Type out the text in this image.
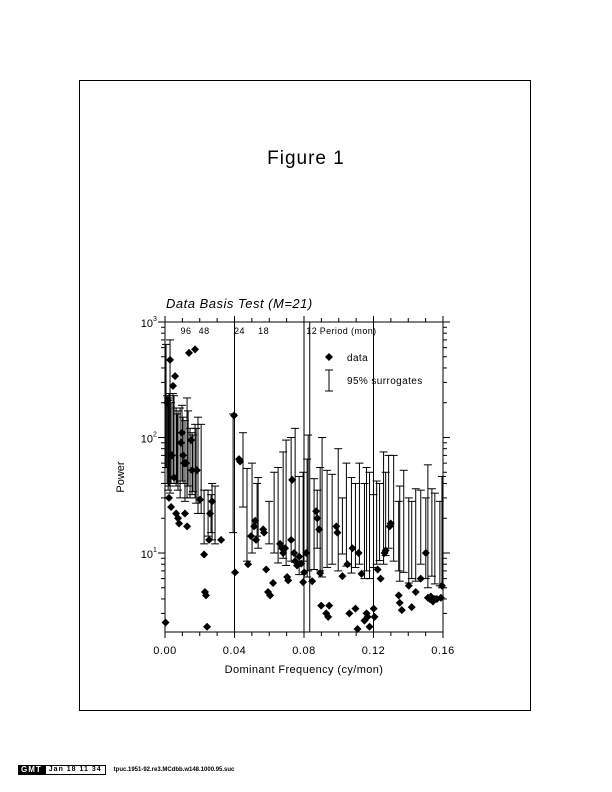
Figure 1
Data Basis Test (M=21)
0.00	0.04	0.08	0.12	0.16
10 1
10 2
10 3
96 48	24 18	12 Period (mon)
data
95% surrogates
Dominant Frequency (cy/mon)
Power
GMT	Jan 18 11 34	tpuc.1951-92.re3.MCdbb.w148.1000.95.suc
